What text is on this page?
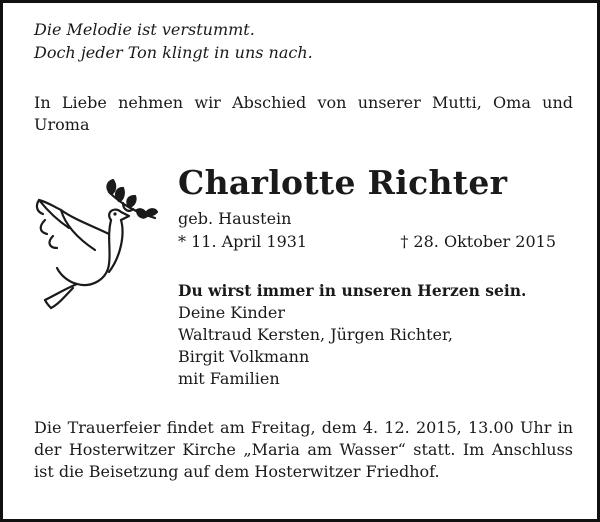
Die Melodie ist verstummt.
Doch jeder Ton klingt in uns nach.
In Liebe nehmen wir Abschied von unserer Mutti, Oma und Uroma
Charlotte Richter
geb. Haustein
* 11. April 1931	† 28. Oktober 2015
Du wirst immer in unseren Herzen sein.
Deine Kinder
Waltraud Kersten, Jürgen Richter,
Birgit Volkmann
mit Familien
Die Trauerfeier findet am Freitag, dem 4. 12. 2015, 13.00 Uhr in der Hosterwitzer Kirche „Maria am Wasser“ statt. Im Anschluss ist die Beisetzung auf dem Hosterwitzer Friedhof.
